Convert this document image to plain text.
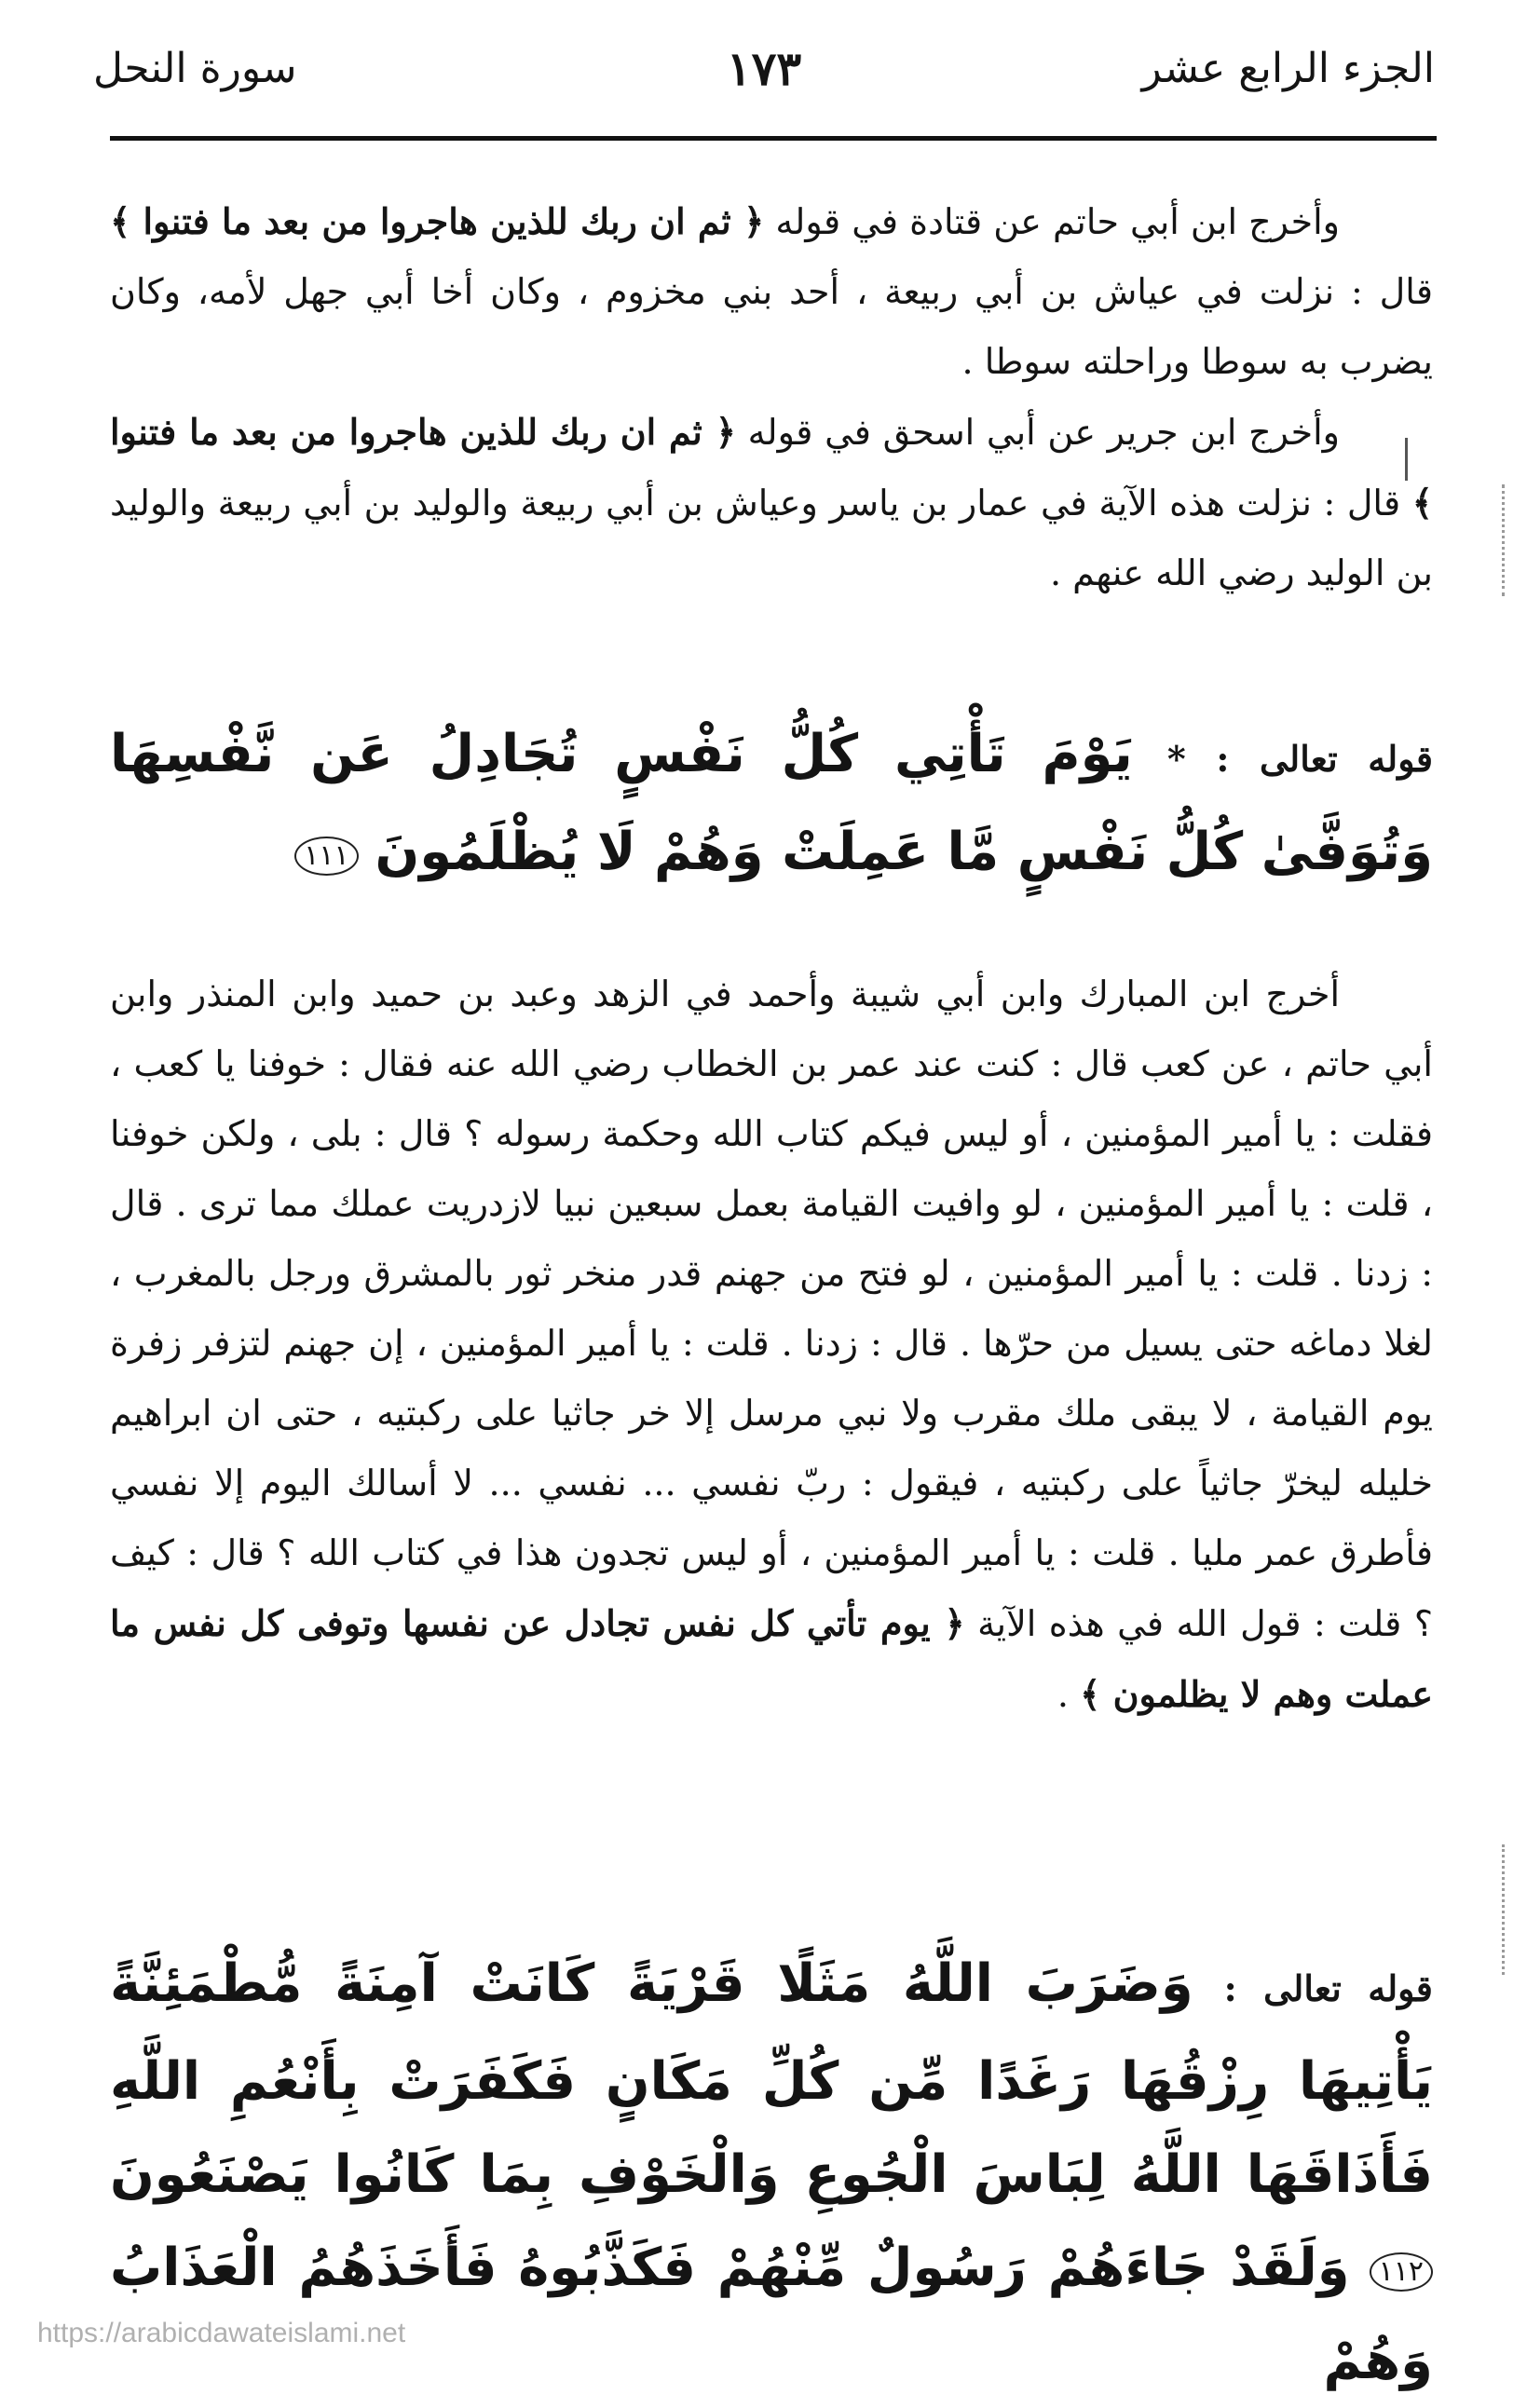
الجزء الرابع عشر
١٧٣
سورة النحل

وأخرج ابن أبي حاتم عن قتادة في قوله ﴿ ثم ان ربك للذين هاجروا من بعد ما فتنوا ﴾ قال : نزلت في عياش بن أبي ربيعة ، أحد بني مخزوم ، وكان أخا أبي جهل لأمه، وكان يضرب به سوطا وراحلته سوطا .

وأخرج ابن جرير عن أبي اسحق في قوله ﴿ ثم ان ربك للذين هاجروا من بعد ما فتنوا ﴾ قال : نزلت هذه الآية في عمار بن ياسر وعياش بن أبي ربيعة والوليد بن أبي ربيعة والوليد بن الوليد رضي الله عنهم .

قوله تعالى : * يَوْمَ تَأْتِي كُلُّ نَفْسٍ تُجَادِلُ عَن نَّفْسِهَا وَتُوَفَّىٰ كُلُّ نَفْسٍ مَّا عَمِلَتْ وَهُمْ لَا يُظْلَمُونَ ١١١

أخرج ابن المبارك وابن أبي شيبة وأحمد في الزهد وعبد بن حميد وابن المنذر وابن أبي حاتم ، عن كعب قال : كنت عند عمر بن الخطاب رضي الله عنه فقال : خوفنا يا كعب ، فقلت : يا أمير المؤمنين ، أو ليس فيكم كتاب الله وحكمة رسوله ؟ قال : بلى ، ولكن خوفنا ، قلت : يا أمير المؤمنين ، لو وافيت القيامة بعمل سبعين نبيا لازدريت عملك مما ترى . قال : زدنا . قلت : يا أمير المؤمنين ، لو فتح من جهنم قدر منخر ثور بالمشرق ورجل بالمغرب ، لغلا دماغه حتى يسيل من حرّها . قال : زدنا . قلت : يا أمير المؤمنين ، إن جهنم لتزفر زفرة يوم القيامة ، لا يبقى ملك مقرب ولا نبي مرسل إلا خر جاثيا على ركبتيه ، حتى ان ابراهيم خليله ليخرّ جاثياً على ركبتيه ، فيقول : ربّ نفسي ... نفسي ... لا أسالك اليوم إلا نفسي فأطرق عمر مليا . قلت : يا أمير المؤمنين ، أو ليس تجدون هذا في كتاب الله ؟ قال : كيف ؟ قلت : قول الله في هذه الآية ﴿ يوم تأتي كل نفس تجادل عن نفسها وتوفى كل نفس ما عملت وهم لا يظلمون ﴾ .

قوله تعالى : وَضَرَبَ اللَّهُ مَثَلًا قَرْيَةً كَانَتْ آمِنَةً مُّطْمَئِنَّةً يَأْتِيهَا رِزْقُهَا رَغَدًا مِّن كُلِّ مَكَانٍ فَكَفَرَتْ بِأَنْعُمِ اللَّهِ فَأَذَاقَهَا اللَّهُ لِبَاسَ الْجُوعِ وَالْخَوْفِ بِمَا كَانُوا يَصْنَعُونَ ١١٢ وَلَقَدْ جَاءَهُمْ رَسُولٌ مِّنْهُمْ فَكَذَّبُوهُ فَأَخَذَهُمُ الْعَذَابُ وَهُمْ
https://arabicdawateislami.net
